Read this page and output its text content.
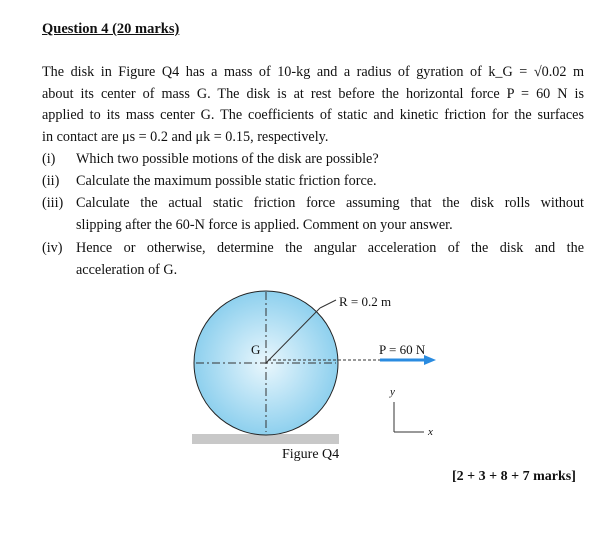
Question 4 (20 marks)
The disk in Figure Q4 has a mass of 10-kg and a radius of gyration of k_G = √0.02 m
about its center of mass G. The disk is at rest before the horizontal force P = 60 N is
applied to its mass center G. The coefficients of static and kinetic friction for the surfaces
in contact are μs = 0.2 and μk = 0.15, respectively.
(i) Which two possible motions of the disk are possible?
(ii) Calculate the maximum possible static friction force.
(iii) Calculate the actual static friction force assuming that the disk rolls without
slipping after the 60-N force is applied. Comment on your answer.
(iv) Hence or otherwise, determine the angular acceleration of the disk and the
acceleration of G.
R = 0.2 m
P = 60 N
G
y
x
Figure Q4
[2 + 3 + 8 + 7 marks]
